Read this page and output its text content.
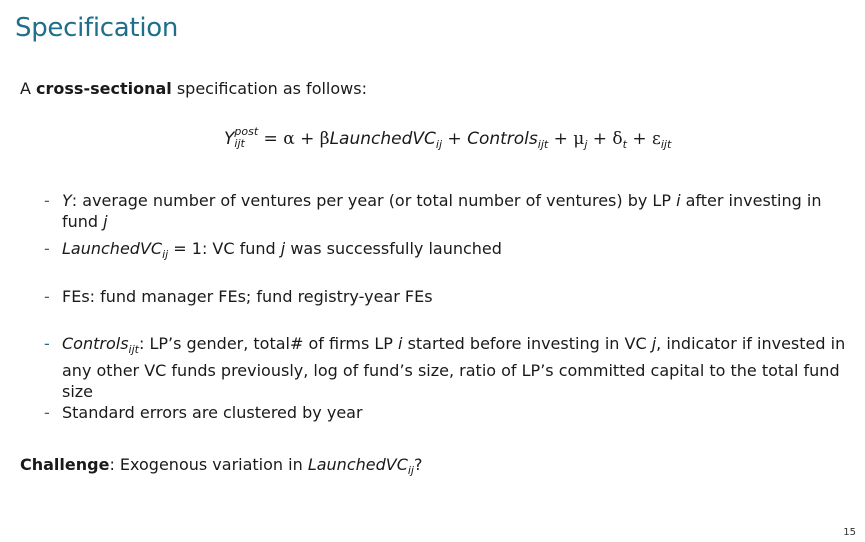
Specification
A cross-sectional specification as follows:
Y post
ijt = α + βLaunchedVC$_{ij}$ + Controls$_{ijt}$ + $\mu_j + \delta_t + \varepsilon_{ijt}$
- Y: average number of ventures per year (or total number of ventures) by LP i after investing in fund j
- LaunchedVC$_{ij}$ = 1: VC fund j was successfully launched
- FEs: fund manager FEs; fund registry-year FEs
- Controls$_{ijt}$: LP’s gender, total# of firms LP i started before investing in VC j, indicator if invested in any other VC funds previously, log of fund’s size, ratio of LP’s committed capital to the total fund size
- Standard errors are clustered by year
Challenge: Exogenous variation in LaunchedVC$_{ij}$?
15
